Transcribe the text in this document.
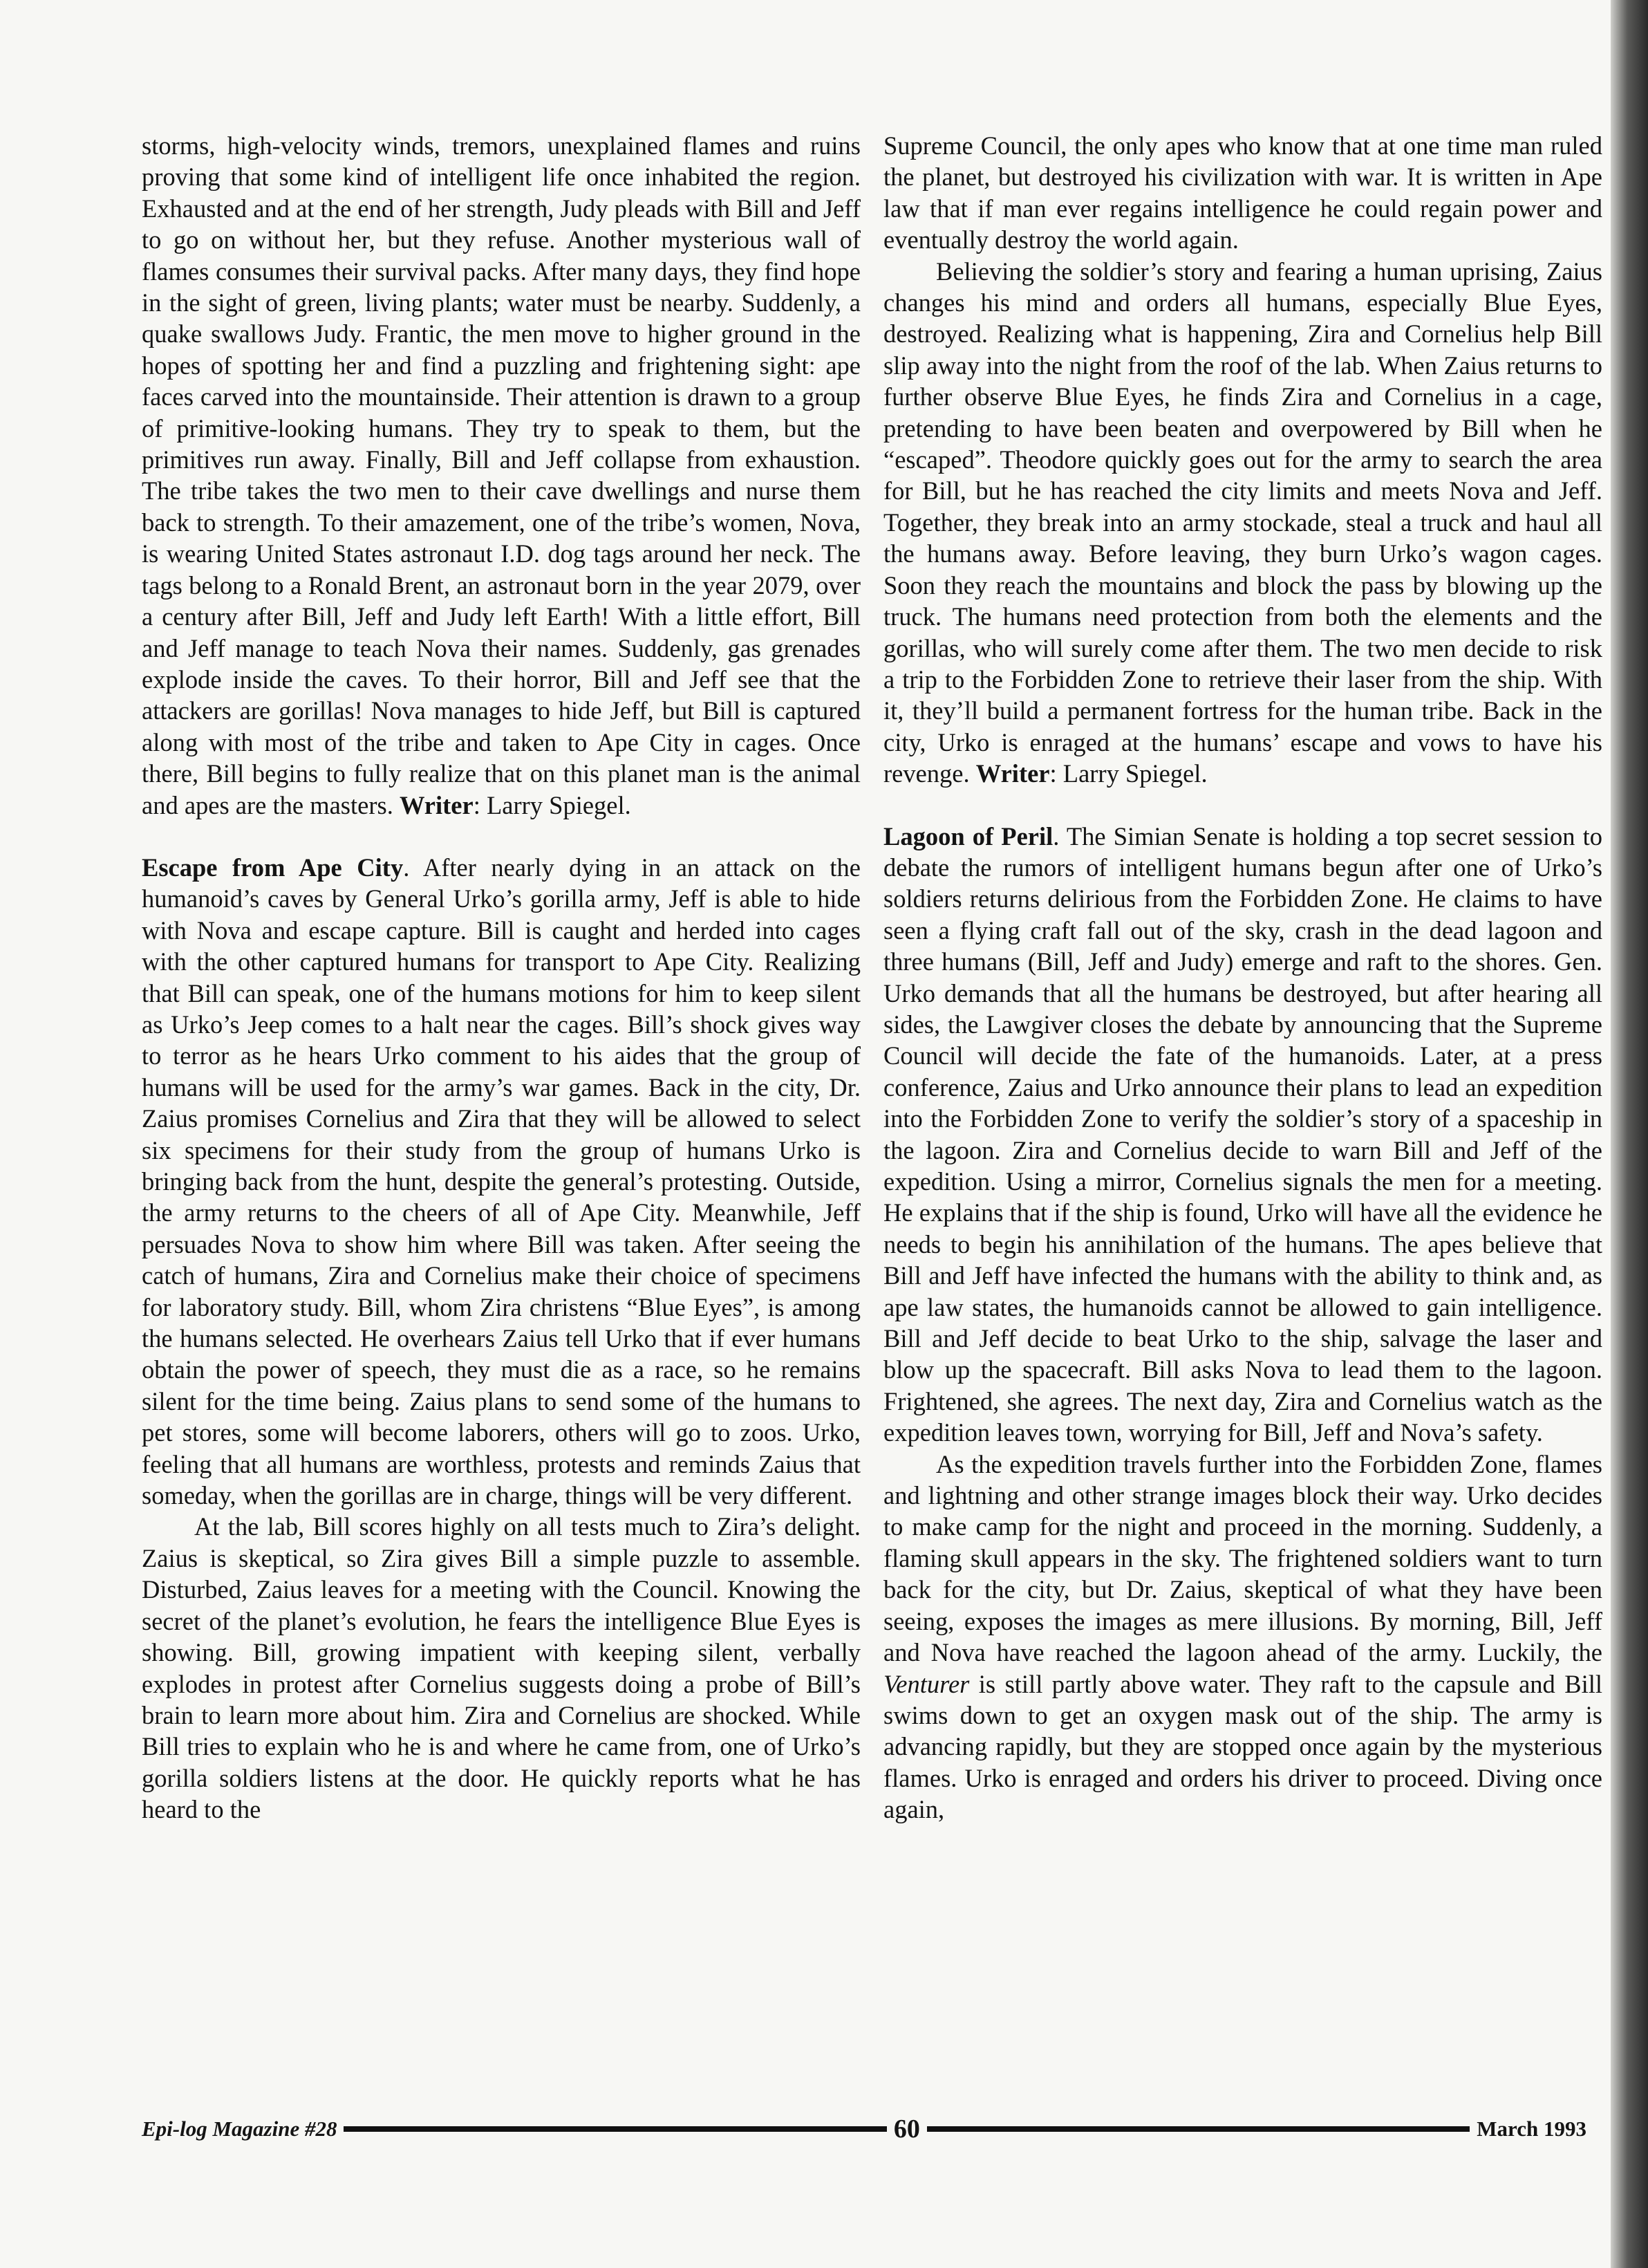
storms, high-velocity winds, tremors, unexplained flames and ruins proving that some kind of intelligent life once inhabited the region. Exhausted and at the end of her strength, Judy pleads with Bill and Jeff to go on without her, but they refuse. Another mysterious wall of flames consumes their survival packs. After many days, they find hope in the sight of green, living plants; water must be nearby. Suddenly, a quake swallows Judy. Frantic, the men move to higher ground in the hopes of spotting her and find a puzzling and frightening sight: ape faces carved into the mountainside. Their attention is drawn to a group of primitive-looking humans. They try to speak to them, but the primitives run away. Finally, Bill and Jeff collapse from exhaustion. The tribe takes the two men to their cave dwellings and nurse them back to strength. To their amazement, one of the tribe’s women, Nova, is wearing United States astronaut I.D. dog tags around her neck. The tags belong to a Ronald Brent, an astronaut born in the year 2079, over a century after Bill, Jeff and Judy left Earth! With a little effort, Bill and Jeff manage to teach Nova their names. Suddenly, gas grenades explode inside the caves. To their horror, Bill and Jeff see that the attackers are gorillas! Nova manages to hide Jeff, but Bill is captured along with most of the tribe and taken to Ape City in cages. Once there, Bill begins to fully realize that on this planet man is the animal and apes are the masters. Writer: Larry Spiegel.

Escape from Ape City. After nearly dying in an attack on the humanoid’s caves by General Urko’s gorilla army, Jeff is able to hide with Nova and escape capture. Bill is caught and herded into cages with the other captured humans for transport to Ape City. Realizing that Bill can speak, one of the humans motions for him to keep silent as Urko’s Jeep comes to a halt near the cages. Bill’s shock gives way to terror as he hears Urko comment to his aides that the group of humans will be used for the army’s war games. Back in the city, Dr. Zaius promises Cornelius and Zira that they will be allowed to select six specimens for their study from the group of humans Urko is bringing back from the hunt, despite the general’s protesting. Outside, the army returns to the cheers of all of Ape City. Meanwhile, Jeff persuades Nova to show him where Bill was taken. After seeing the catch of humans, Zira and Cornelius make their choice of specimens for laboratory study. Bill, whom Zira christens “Blue Eyes”, is among the humans selected. He overhears Zaius tell Urko that if ever humans obtain the power of speech, they must die as a race, so he remains silent for the time being. Zaius plans to send some of the humans to pet stores, some will become laborers, others will go to zoos. Urko, feeling that all humans are worthless, protests and reminds Zaius that someday, when the gorillas are in charge, things will be very different.

At the lab, Bill scores highly on all tests much to Zira’s delight. Zaius is skeptical, so Zira gives Bill a simple puzzle to assemble. Disturbed, Zaius leaves for a meeting with the Council. Knowing the secret of the planet’s evolution, he fears the intelligence Blue Eyes is showing. Bill, growing impatient with keeping silent, verbally explodes in protest after Cornelius suggests doing a probe of Bill’s brain to learn more about him. Zira and Cornelius are shocked. While Bill tries to explain who he is and where he came from, one of Urko’s gorilla soldiers listens at the door. He quickly reports what he has heard to the

Supreme Council, the only apes who know that at one time man ruled the planet, but destroyed his civilization with war. It is written in Ape law that if man ever regains intelligence he could regain power and eventually destroy the world again.

Believing the soldier’s story and fearing a human uprising, Zaius changes his mind and orders all humans, especially Blue Eyes, destroyed. Realizing what is happening, Zira and Cornelius help Bill slip away into the night from the roof of the lab. When Zaius returns to further observe Blue Eyes, he finds Zira and Cornelius in a cage, pretending to have been beaten and overpowered by Bill when he “escaped”. Theodore quickly goes out for the army to search the area for Bill, but he has reached the city limits and meets Nova and Jeff. Together, they break into an army stockade, steal a truck and haul all the humans away. Before leaving, they burn Urko’s wagon cages. Soon they reach the mountains and block the pass by blowing up the truck. The humans need protection from both the elements and the gorillas, who will surely come after them. The two men decide to risk a trip to the Forbidden Zone to retrieve their laser from the ship. With it, they’ll build a permanent fortress for the human tribe. Back in the city, Urko is enraged at the humans’ escape and vows to have his revenge. Writer: Larry Spiegel.

Lagoon of Peril. The Simian Senate is holding a top secret session to debate the rumors of intelligent humans begun after one of Urko’s soldiers returns delirious from the Forbidden Zone. He claims to have seen a flying craft fall out of the sky, crash in the dead lagoon and three humans (Bill, Jeff and Judy) emerge and raft to the shores. Gen. Urko demands that all the humans be destroyed, but after hearing all sides, the Lawgiver closes the debate by announcing that the Supreme Council will decide the fate of the humanoids. Later, at a press conference, Zaius and Urko announce their plans to lead an expedition into the Forbidden Zone to verify the soldier’s story of a spaceship in the lagoon. Zira and Cornelius decide to warn Bill and Jeff of the expedition. Using a mirror, Cornelius signals the men for a meeting. He explains that if the ship is found, Urko will have all the evidence he needs to begin his annihilation of the humans. The apes believe that Bill and Jeff have infected the humans with the ability to think and, as ape law states, the humanoids cannot be allowed to gain intelligence. Bill and Jeff decide to beat Urko to the ship, salvage the laser and blow up the spacecraft. Bill asks Nova to lead them to the lagoon. Frightened, she agrees. The next day, Zira and Cornelius watch as the expedition leaves town, worrying for Bill, Jeff and Nova’s safety.

As the expedition travels further into the Forbidden Zone, flames and lightning and other strange images block their way. Urko decides to make camp for the night and proceed in the morning. Suddenly, a flaming skull appears in the sky. The frightened soldiers want to turn back for the city, but Dr. Zaius, skeptical of what they have been seeing, exposes the images as mere illusions. By morning, Bill, Jeff and Nova have reached the lagoon ahead of the army. Luckily, the Venturer is still partly above water. They raft to the capsule and Bill swims down to get an oxygen mask out of the ship. The army is advancing rapidly, but they are stopped once again by the mysterious flames. Urko is enraged and orders his driver to proceed. Diving once again,

Epi-log Magazine #28	60	March 1993
